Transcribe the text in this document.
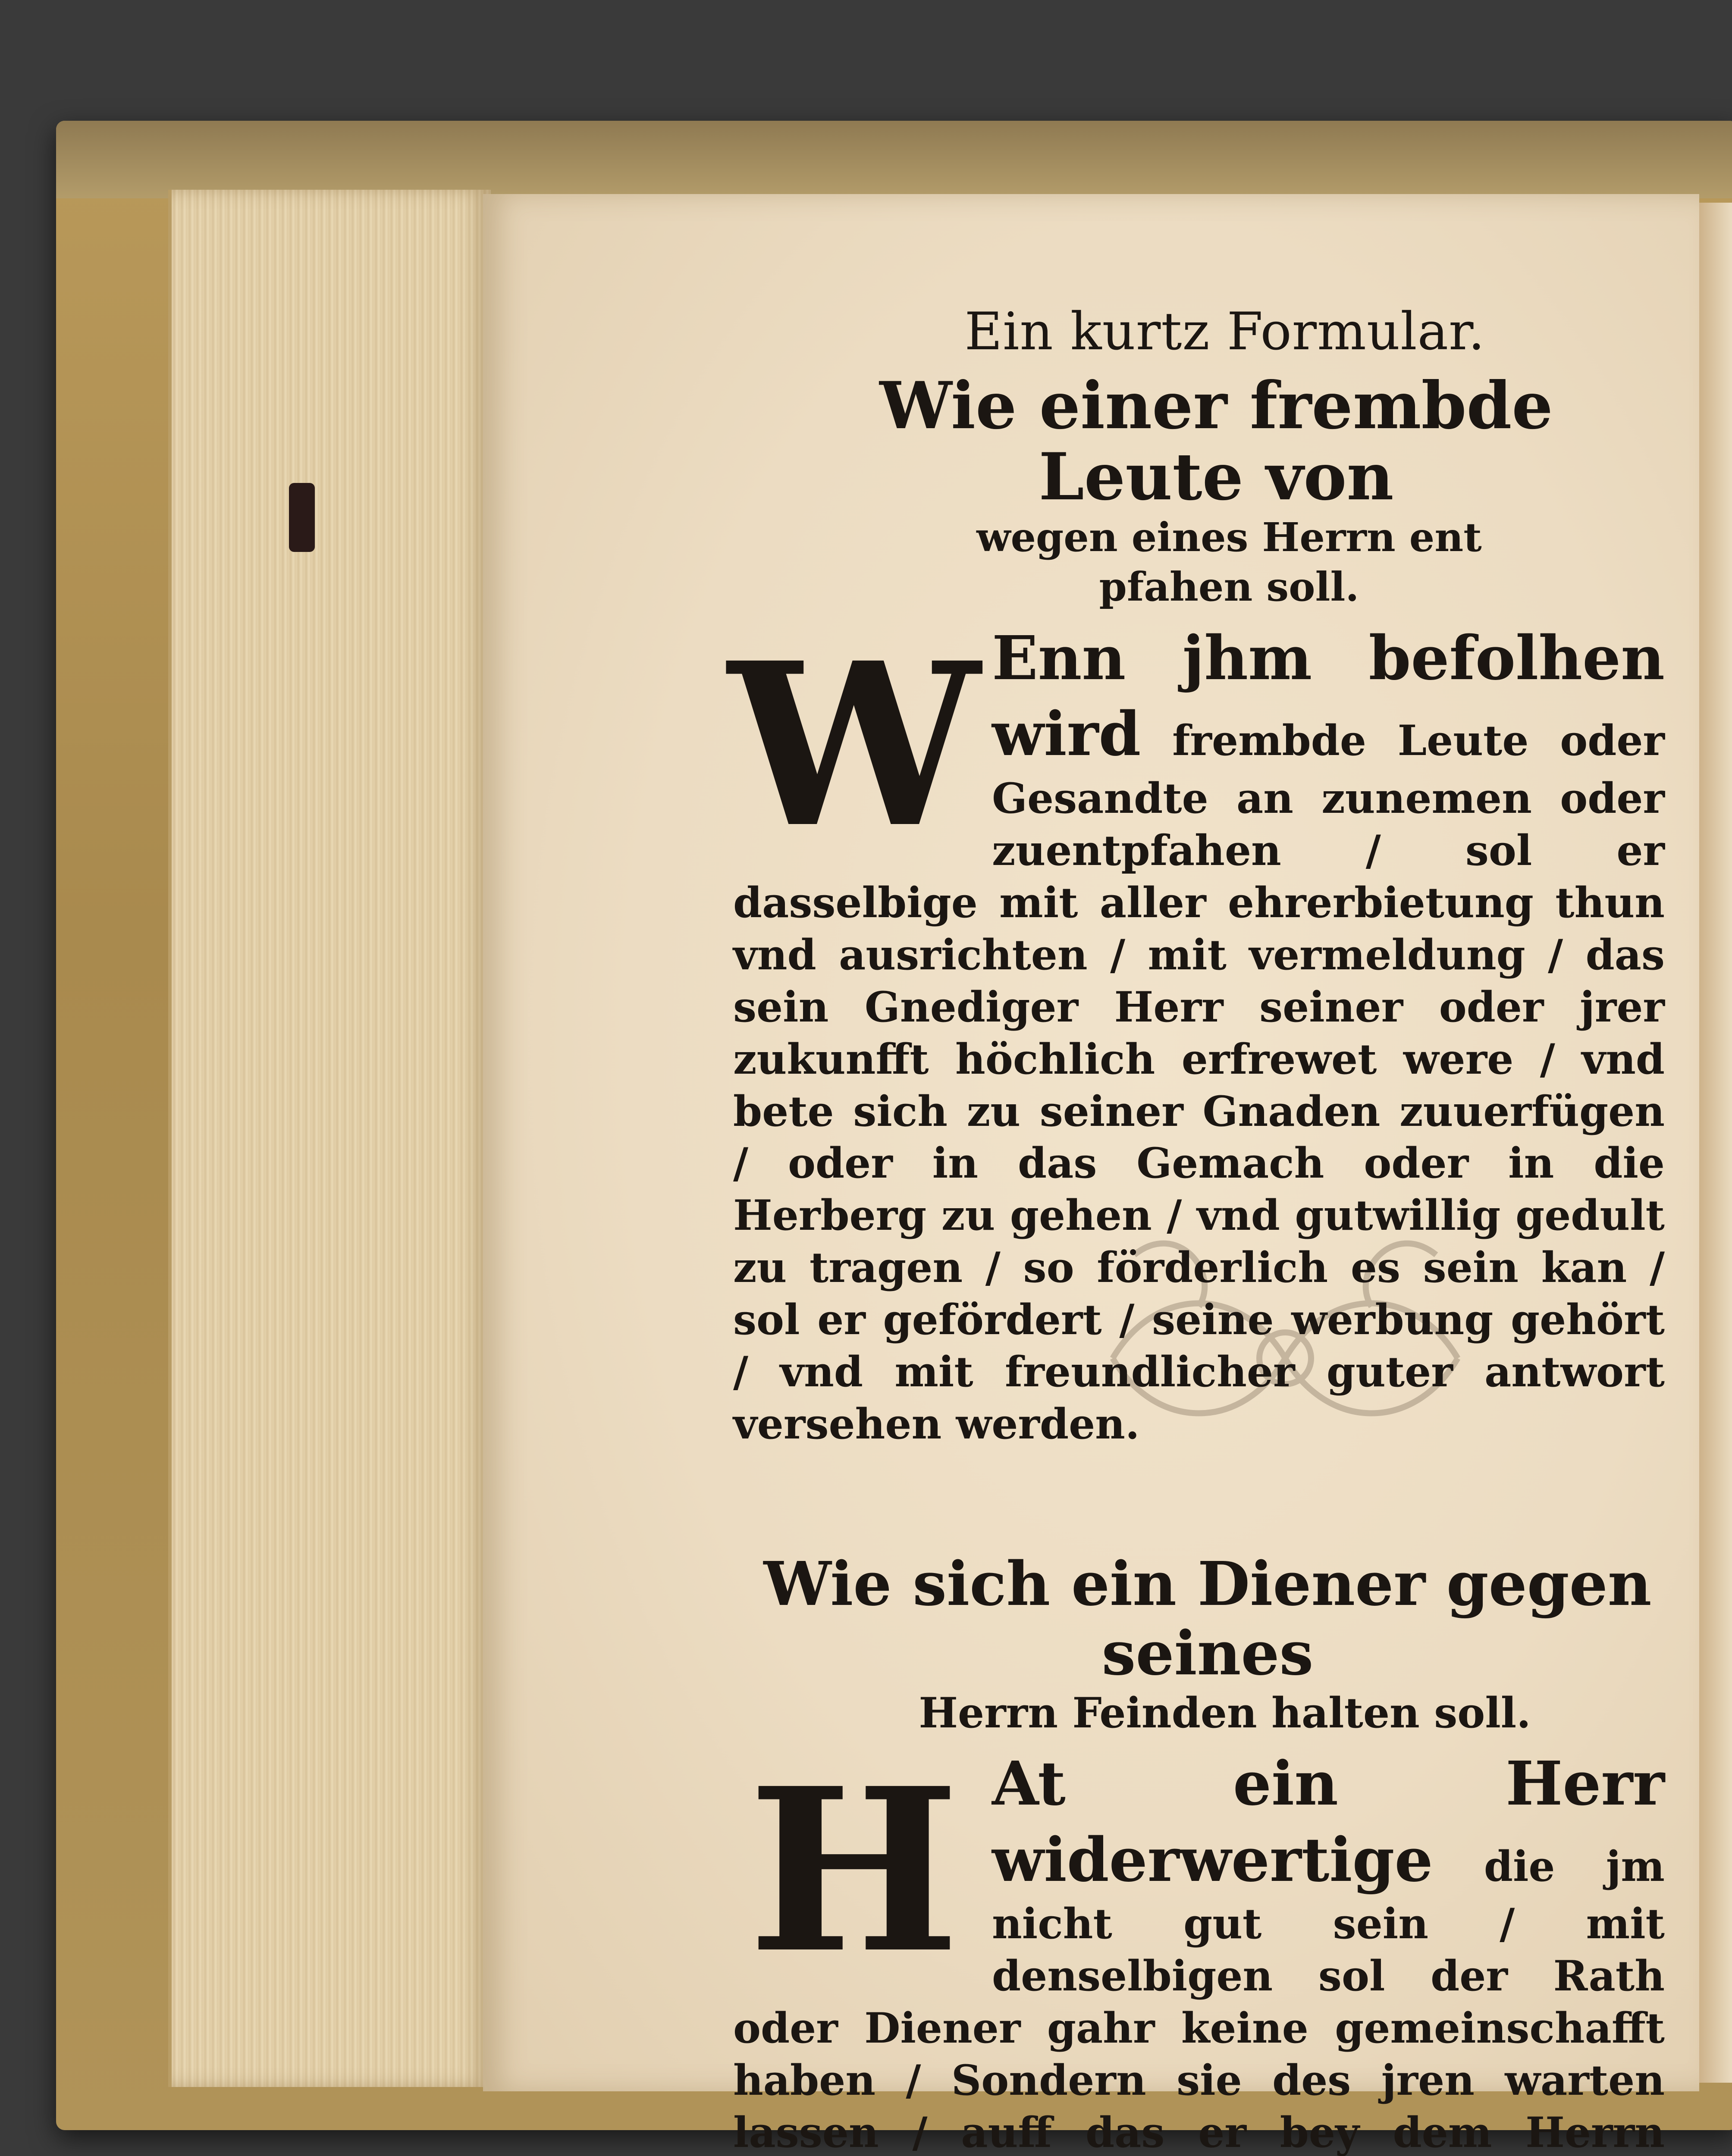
Ein kurtz Formular.
Wie einer frembde Leute von
wegen eines Herrn ent
pfahen soll.
W Enn jhm befolhen wird frembde Leute oder Gesandte an zunemen oder zuentpfahen / sol er dasselbige mit aller ehrerbietung thun vnd ausrichten / mit vermeldung / das sein Gnediger Herr seiner oder jrer zukunfft höchlich erfrewet were / vnd bete sich zu seiner Gnaden zuuerfügen / oder in das Gemach oder in die Herberg zu gehen / vnd gutwillig gedult zu tragen / so förderlich es sein kan / sol er gefördert / seine werbung gehört / vnd mit freundlicher guter antwort versehen werden.
Wie sich ein Diener gegen seines
Herrn Feinden halten soll.
H At ein Herr widerwertige die jm nicht gut sein / mit denselbigen sol der Rath oder Diener gahr keine gemeinschafft haben / Sondern sie des jren warten lassen / auff das er bey dem Herrn
